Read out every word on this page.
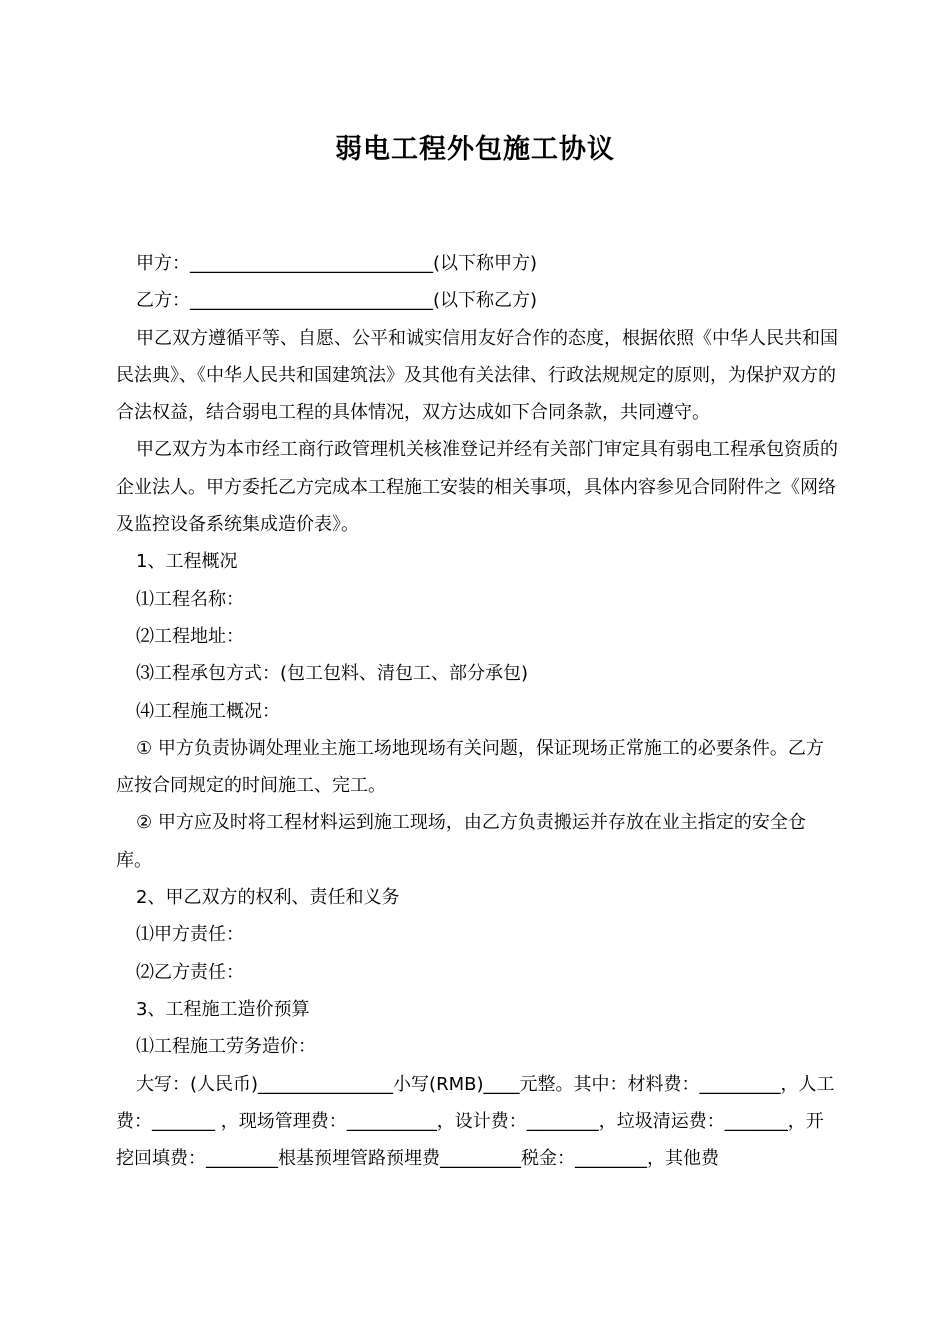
弱电工程外包施工协议

甲方：___________________________(以下称甲方)

乙方：___________________________(以下称乙方)

甲乙双方遵循平等、自愿、公平和诚实信用友好合作的态度，根据依照《中华人民共和国民法典》、《中华人民共和国建筑法》及其他有关法律、行政法规规定的原则，为保护双方的合法权益，结合弱电工程的具体情况，双方达成如下合同条款，共同遵守。

甲乙双方为本市经工商行政管理机关核准登记并经有关部门审定具有弱电工程承包资质的企业法人。甲方委托乙方完成本工程施工安装的相关事项，具体内容参见合同附件之《网络及监控设备系统集成造价表》。

1、工程概况

⑴工程名称：

⑵工程地址：

⑶工程承包方式：(包工包料、清包工、部分承包)

⑷工程施工概况：

① 甲方负责协调处理业主施工场地现场有关问题，保证现场正常施工的必要条件。乙方应按合同规定的时间施工、完工。

② 甲方应及时将工程材料运到施工现场，由乙方负责搬运并存放在业主指定的安全仓库。

2、甲乙双方的权利、责任和义务

⑴甲方责任：

⑵乙方责任：

3、工程施工造价预算

⑴工程施工劳务造价：

大写：(人民币)_______________小写(RMB)____元整。其中：材料费：_________，人工费：_______ ，现场管理费：__________，设计费：________，垃圾清运费：_______，开挖回填费：________根基预埋管路预埋费_________税金：________，其他费
